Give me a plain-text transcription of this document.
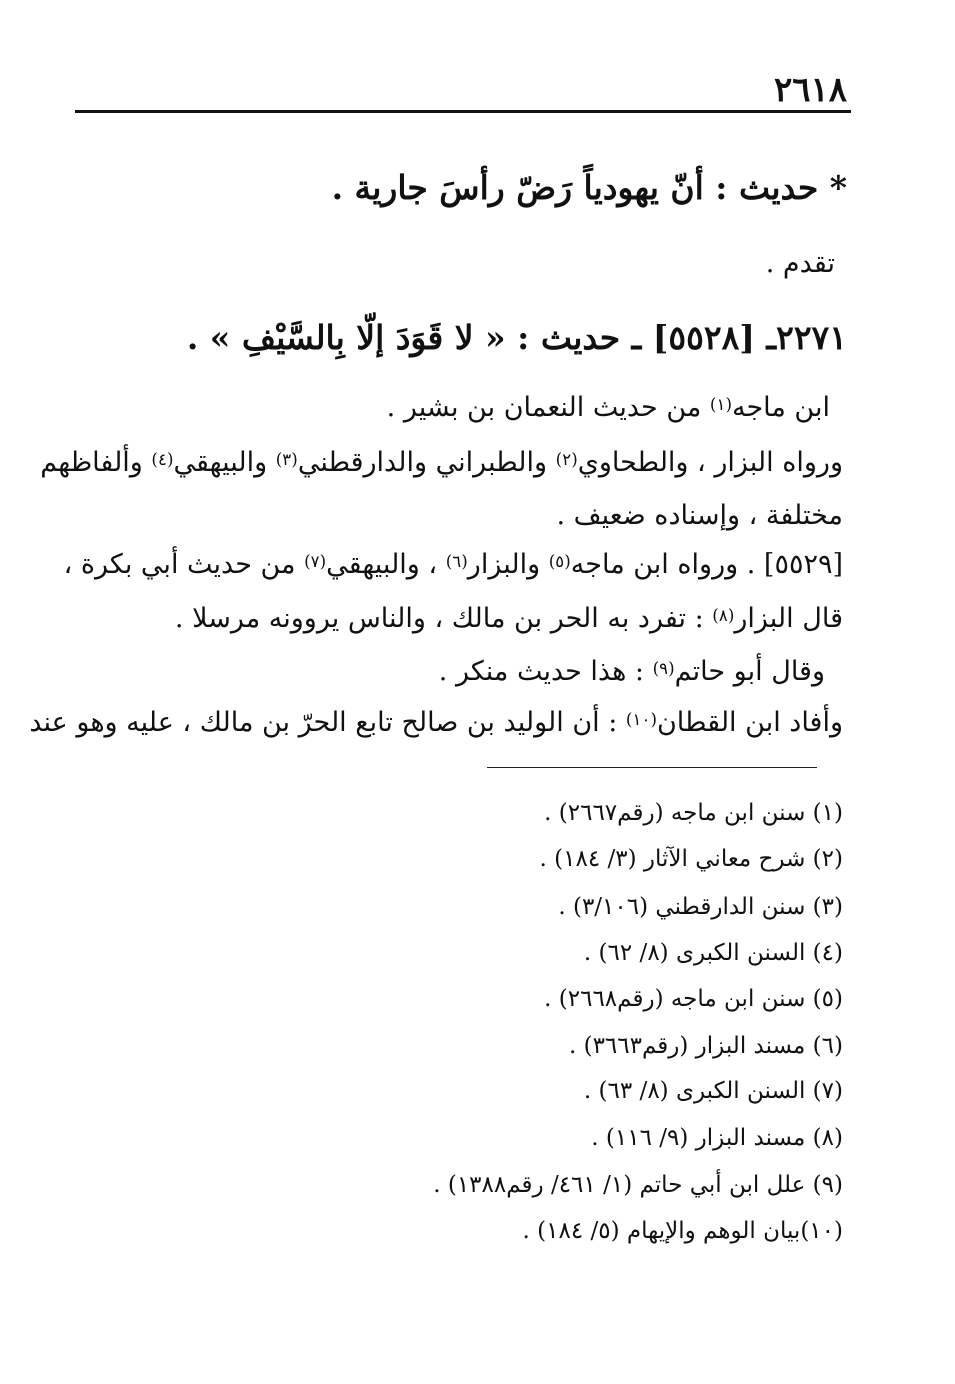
٢٦١٨
* حديث : أنّ يهودياً رَضّ رأسَ جارية .
تقدم .
٢٢٧١ـ [٥٥٢٨] ـ حديث : « لا قَوَدَ إلّا بِالسَّيْفِ » .
ابن ماجه$^{(١)}$ من حديث النعمان بن بشير .
ورواه البزار ، والطحاوي$^{(٢)}$ والطبراني والدارقطني$^{(٣)}$ والبيهقي$^{(٤)}$ وألفاظهم
مختلفة ، وإسناده ضعيف .
[٥٥٢٩] . ورواه ابن ماجه$^{(٥)}$ والبزار$^{(٦)}$ ، والبيهقي$^{(٧)}$ من حديث أبي بكرة ،
قال البزار$^{(٨)}$ : تفرد به الحر بن مالك ، والناس يروونه مرسلا .
وقال أبو حاتم$^{(٩)}$ : هذا حديث منكر .
وأفاد ابن القطان$^{(١٠)}$ : أن الوليد بن صالح تابع الحرّ بن مالك ، عليه وهو عند
(١) سنن ابن ماجه (رقم٢٦٦٧) .
(٢) شرح معاني الآثار (٣/ ١٨٤) .
(٣) سنن الدارقطني (٣/١٠٦) .
(٤) السنن الكبرى (٨/ ٦٢) .
(٥) سنن ابن ماجه (رقم٢٦٦٨) .
(٦) مسند البزار (رقم٣٦٦٣) .
(٧) السنن الكبرى (٨/ ٦٣) .
(٨) مسند البزار (٩/ ١١٦) .
(٩) علل ابن أبي حاتم (١/ ٤٦١/ رقم١٣٨٨) .
(١٠)بيان الوهم والإيهام (٥/ ١٨٤) .
